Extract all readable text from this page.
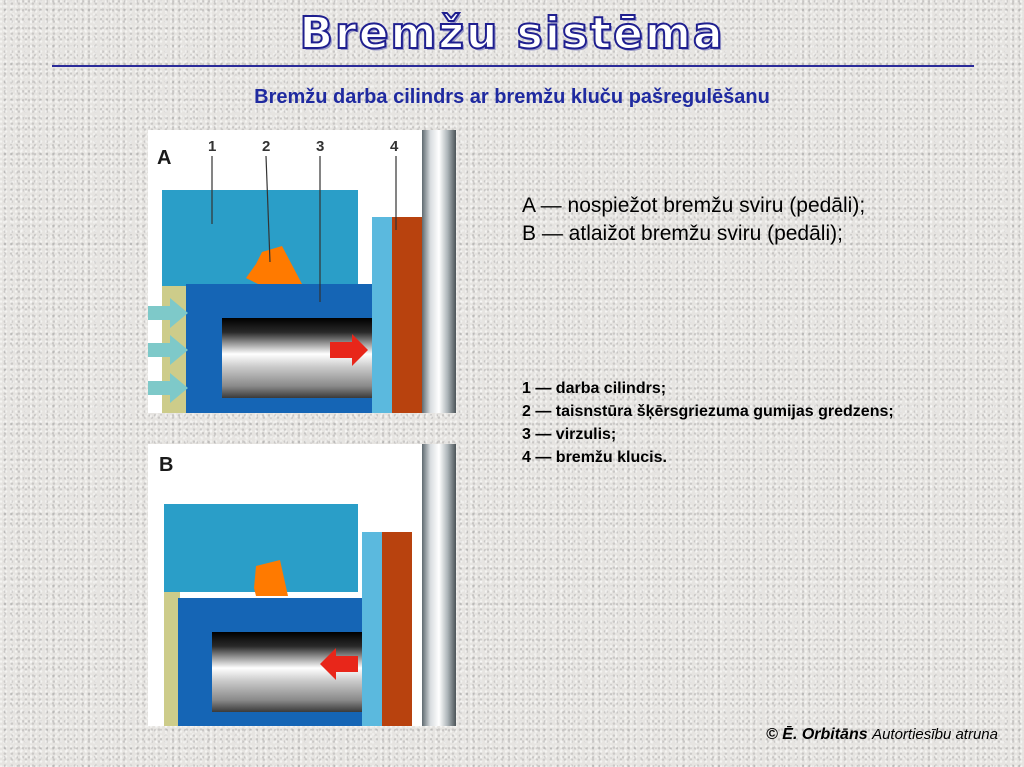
Bremžu sistēma
Bremžu darba cilindrs ar bremžu kluču pašregulēšanu
A
1	2	3	4
B
A — nospiežot bremžu sviru (pedāli);
B — atlaižot bremžu sviru (pedāli);
1 — darba cilindrs;
2 — taisnstūra šķērsgriezuma gumijas gredzens;
3 — virzulis;
4 — bremžu klucis.
© Ē. Orbitāns Autortiesību atruna
